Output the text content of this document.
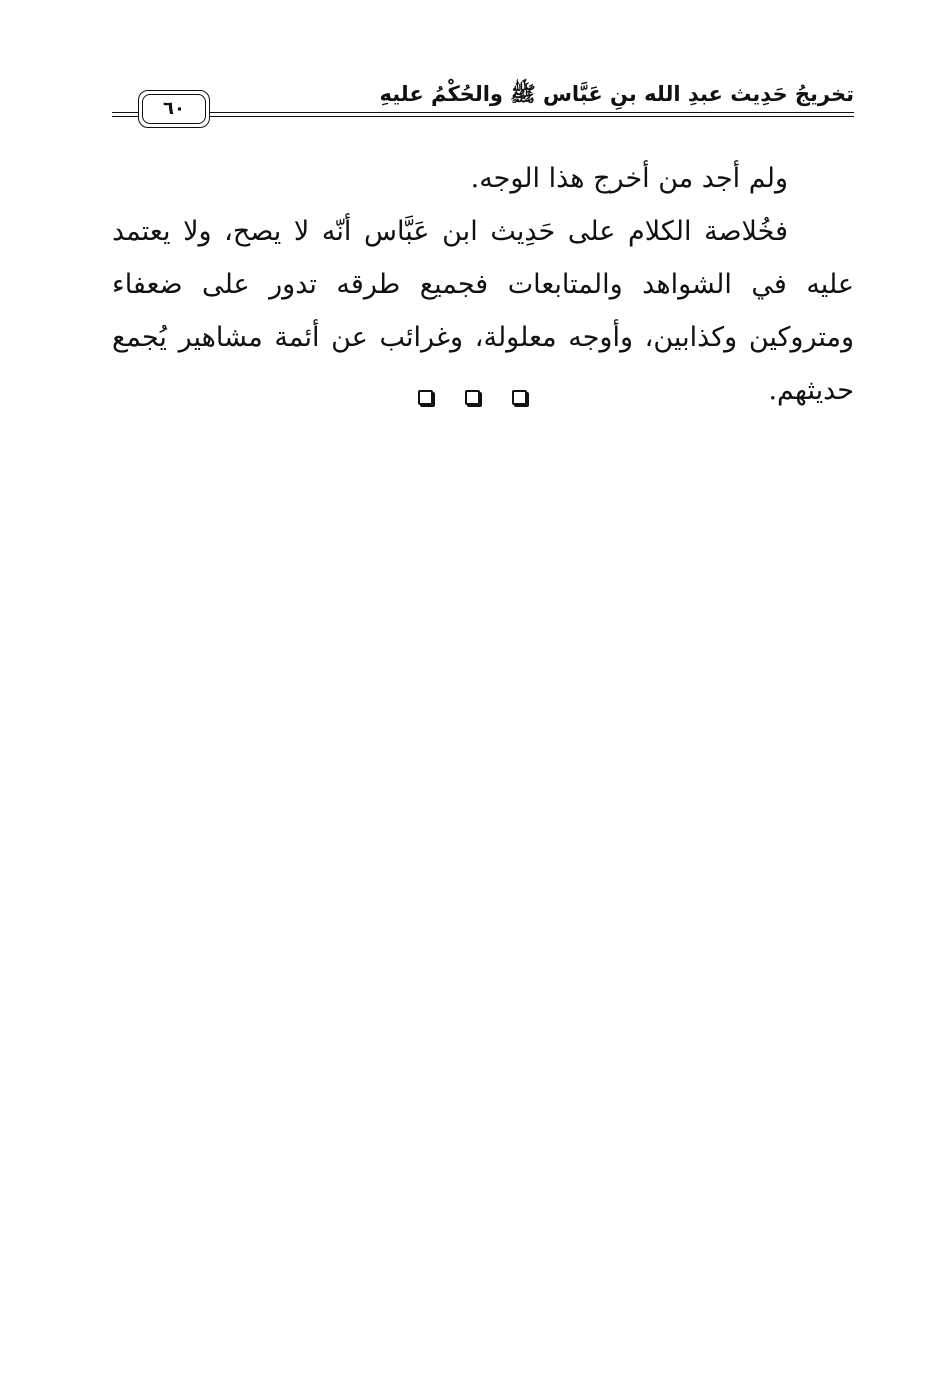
٦٠
تخريجُ حَدِيث عبدِ الله بنِ عَبَّاس ﷺ والحُكْمُ عليهِ

ولم أجد من أخرج هذا الوجه.

فخُلاصة الكلام على حَدِيث ابن عَبَّاس أنّه لا يصح، ولا يعتمد عليه في الشواهد والمتابعات فجميع طرقه تدور على ضعفاء ومتروكين وكذابين، وأوجه معلولة، وغرائب عن أئمة مشاهير يُجمع حديثهم.
